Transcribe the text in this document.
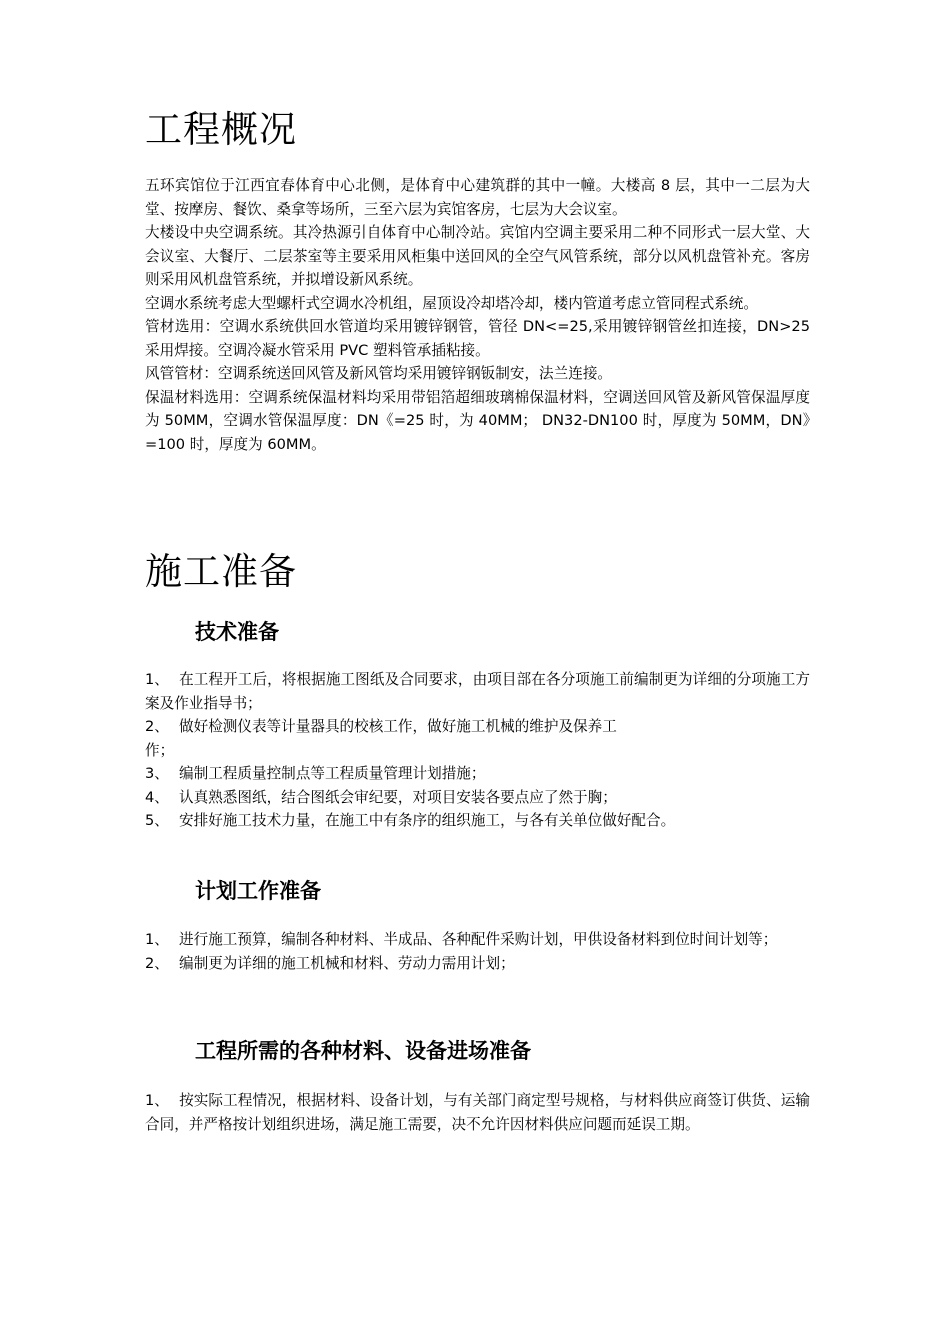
工程概况

五环宾馆位于江西宜春体育中心北侧，是体育中心建筑群的其中一幢。大楼高 8 层，其中一二层为大堂、按摩房、餐饮、桑拿等场所，三至六层为宾馆客房，七层为大会议室。

大楼设中央空调系统。其冷热源引自体育中心制冷站。宾馆内空调主要采用二种不同形式一层大堂、大会议室、大餐厅、二层茶室等主要采用风柜集中送回风的全空气风管系统，部分以风机盘管补充。客房则采用风机盘管系统，并拟增设新风系统。

空调水系统考虑大型螺杆式空调水冷机组，屋顶设冷却塔冷却，楼内管道考虑立管同程式系统。

管材选用：空调水系统供回水管道均采用镀锌钢管，管径 DN<=25,采用镀锌钢管丝扣连接，DN>25 采用焊接。空调冷凝水管采用 PVC 塑料管承插粘接。

风管管材：空调系统送回风管及新风管均采用镀锌钢钣制安，法兰连接。

保温材料选用：空调系统保温材料均采用带铝箔超细玻璃棉保温材料，空调送回风管及新风管保温厚度为 50MM，空调水管保温厚度：DN《=25 时，为 40MM； DN32-DN100 时，厚度为 50MM，DN》=100 时，厚度为 60MM。

施工准备
技术准备

1、 在工程开工后，将根据施工图纸及合同要求，由项目部在各分项施工前编制更为详细的分项施工方案及作业指导书；

2、 做好检测仪表等计量器具的校核工作，做好施工机械的维护及保养工

作；

3、 编制工程质量控制点等工程质量管理计划措施；

4、 认真熟悉图纸，结合图纸会审纪要，对项目安装各要点应了然于胸；

5、 安排好施工技术力量，在施工中有条序的组织施工，与各有关单位做好配合。

计划工作准备

1、 进行施工预算，编制各种材料、半成品、各种配件采购计划，甲供设备材料到位时间计划等；

2、 编制更为详细的施工机械和材料、劳动力需用计划；

工程所需的各种材料、设备进场准备

1、 按实际工程情况，根据材料、设备计划，与有关部门商定型号规格，与材料供应商签订供货、运输合同，并严格按计划组织进场，满足施工需要，决不允许因材料供应问题而延误工期。
